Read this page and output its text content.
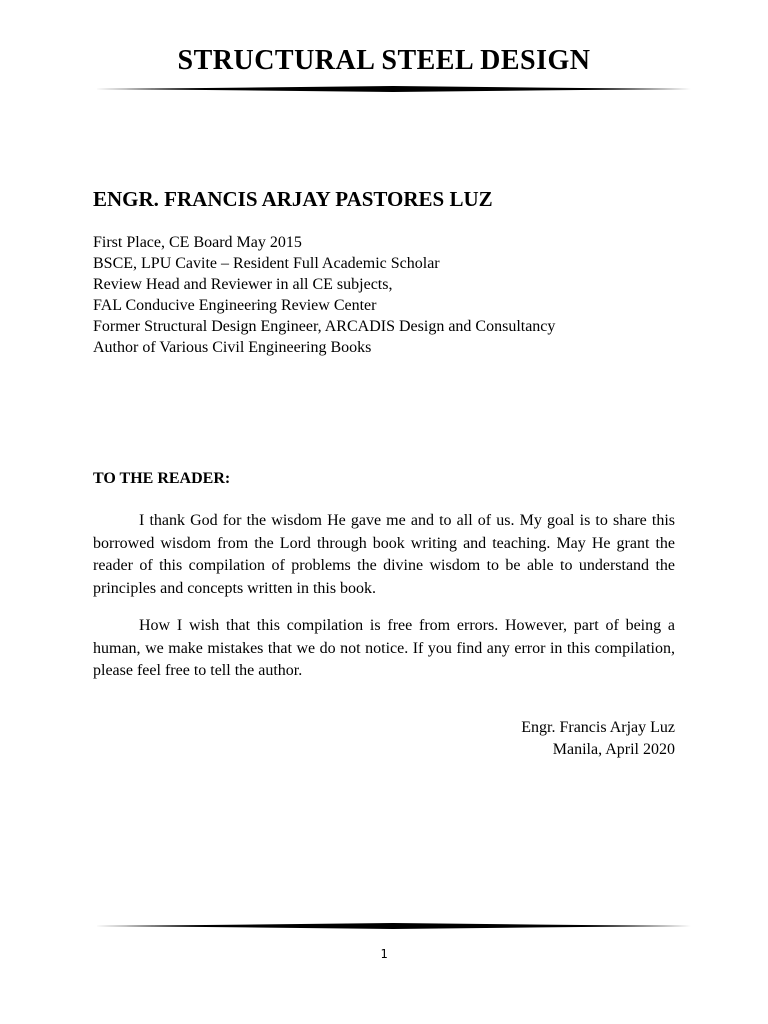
STRUCTURAL STEEL DESIGN
ENGR. FRANCIS ARJAY PASTORES LUZ
First Place, CE Board May 2015
BSCE, LPU Cavite – Resident Full Academic Scholar
Review Head and Reviewer in all CE subjects,
FAL Conducive Engineering Review Center
Former Structural Design Engineer, ARCADIS Design and Consultancy
Author of Various Civil Engineering Books
TO THE READER:

I thank God for the wisdom He gave me and to all of us. My goal is to share this borrowed wisdom from the Lord through book writing and teaching. May He grant the reader of this compilation of problems the divine wisdom to be able to understand the principles and concepts written in this book.

How I wish that this compilation is free from errors. However, part of being a human, we make mistakes that we do not notice. If you find any error in this compilation, please feel free to tell the author.

Engr. Francis Arjay Luz
Manila, April 2020
1
